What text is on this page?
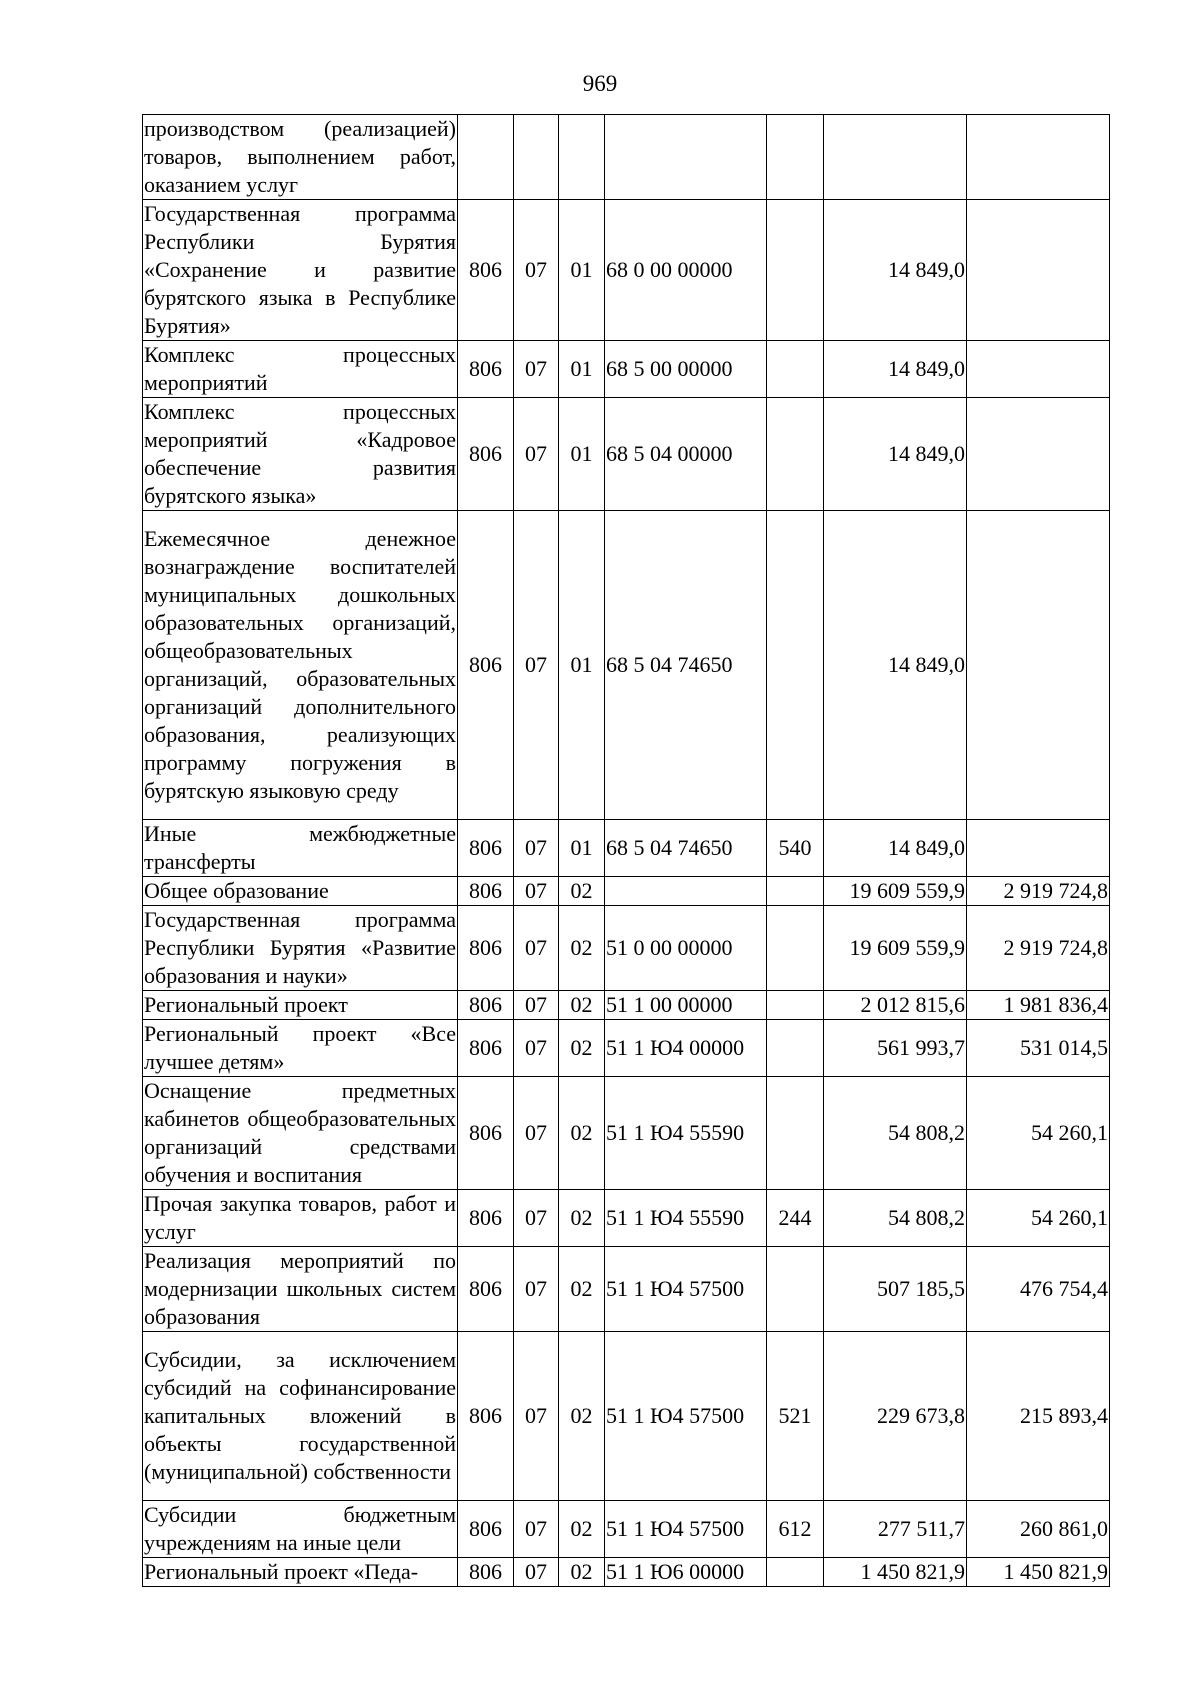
969
производством (реализацией) товаров, выполнением работ, оказанием услуг							
Государственная программа Республики Бурятия «Сохранение и развитие бурятского языка в Республике Бурятия»	806	07	01	68 0 00 00000		14 849,0	
Комплекс процессных мероприятий	806	07	01	68 5 00 00000		14 849,0	
Комплекс процессных мероприятий «Кадровое обеспечение развития бурятского языка»	806	07	01	68 5 04 00000		14 849,0	
Ежемесячное денежное вознаграждение воспитателей муниципальных дошкольных образовательных организаций, общеобразовательных организаций, образовательных организаций дополнительного образования, реализующих программу погружения в бурятскую языковую среду	806	07	01	68 5 04 74650		14 849,0	
Иные межбюджетные трансферты	806	07	01	68 5 04 74650	540	14 849,0	
Общее образование	806	07	02			19 609 559,9	2 919 724,8
Государственная программа Республики Бурятия «Развитие образования и науки»	806	07	02	51 0 00 00000		19 609 559,9	2 919 724,8
Региональный проект	806	07	02	51 1 00 00000		2 012 815,6	1 981 836,4
Региональный проект «Все лучшее детям»	806	07	02	51 1 Ю4 00000		561 993,7	531 014,5
Оснащение предметных кабинетов общеобразовательных организаций средствами обучения и воспитания	806	07	02	51 1 Ю4 55590		54 808,2	54 260,1
Прочая закупка товаров, работ и услуг	806	07	02	51 1 Ю4 55590	244	54 808,2	54 260,1
Реализация мероприятий по модернизации школьных систем образования	806	07	02	51 1 Ю4 57500		507 185,5	476 754,4
Субсидии, за исключением субсидий на софинансирование капитальных вложений в объекты государственной (муниципальной) собственности	806	07	02	51 1 Ю4 57500	521	229 673,8	215 893,4
Субсидии бюджетным учреждениям на иные цели	806	07	02	51 1 Ю4 57500	612	277 511,7	260 861,0
Региональный проект «Педа-	806	07	02	51 1 Ю6 00000		1 450 821,9	1 450 821,9
